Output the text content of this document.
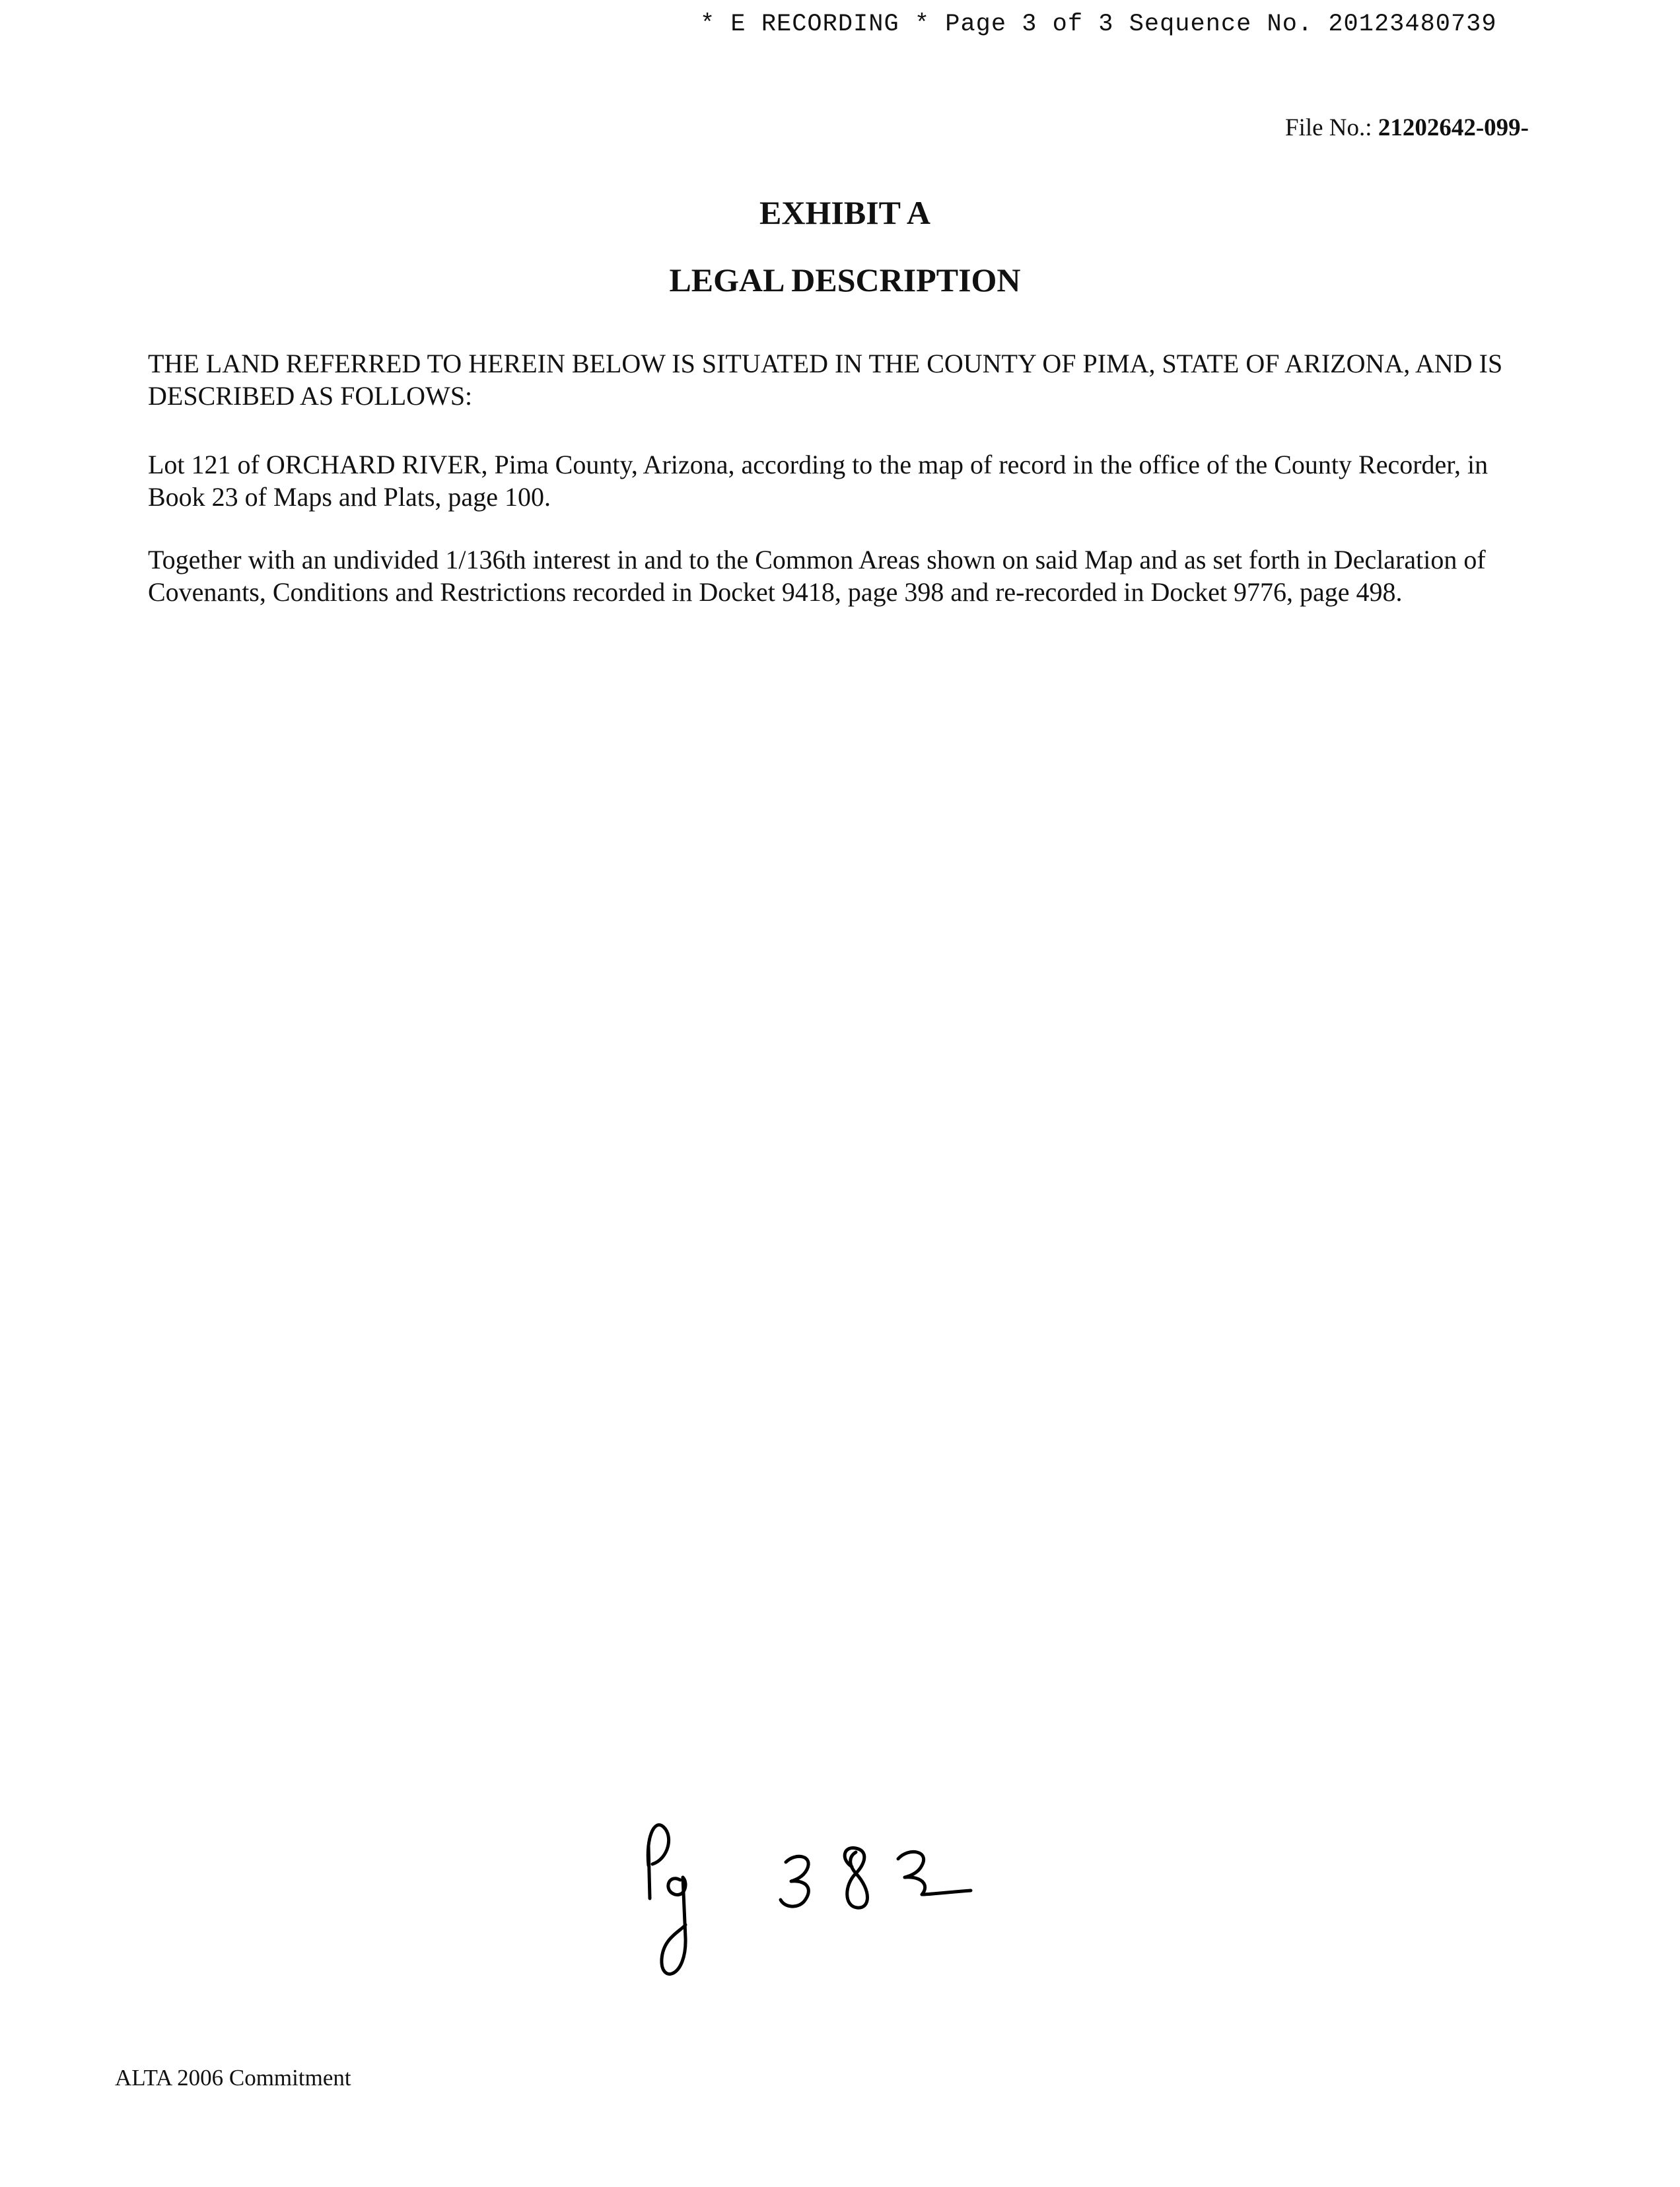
* E RECORDING * Page 3 of 3 Sequence No. 20123480739
File No.: 21202642-099-
EXHIBIT A
LEGAL DESCRIPTION

THE LAND REFERRED TO HEREIN BELOW IS SITUATED IN THE COUNTY OF PIMA, STATE OF ARIZONA, AND IS DESCRIBED AS FOLLOWS:

Lot 121 of ORCHARD RIVER, Pima County, Arizona, according to the map of record in the office of the County Recorder, in Book 23 of Maps and Plats, page 100.

Together with an undivided 1/136th interest in and to the Common Areas shown on said Map and as set forth in Declaration of Covenants, Conditions and Restrictions recorded in Docket 9418, page 398 and re-recorded in Docket 9776, page 498.

ALTA 2006 Commitment
